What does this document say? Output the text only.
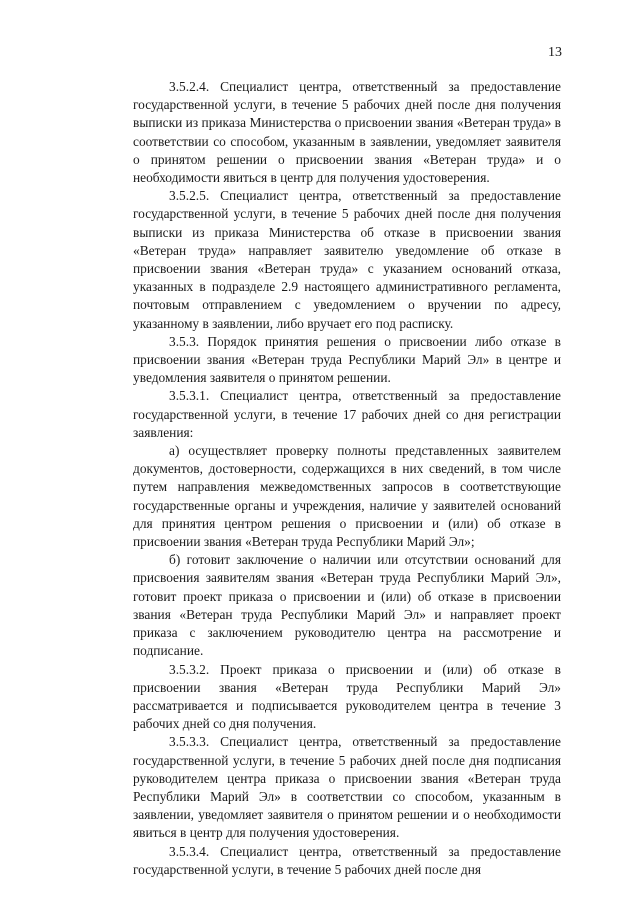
13

3.5.2.4. Специалист центра, ответственный за предоставление государственной услуги, в течение 5 рабочих дней после дня получения выписки из приказа Министерства о присвоении звания «Ветеран труда» в соответствии со способом, указанным в заявлении, уведомляет заявителя о принятом решении о присвоении звания «Ветеран труда» и о необходимости явиться в центр для получения удостоверения.

3.5.2.5. Специалист центра, ответственный за предоставление государственной услуги, в течение 5 рабочих дней после дня получения выписки из приказа Министерства об отказе в присвоении звания «Ветеран труда» направляет заявителю уведомление об отказе в присвоении звания «Ветеран труда» с указанием оснований отказа, указанных в подразделе 2.9 настоящего административного регламента, почтовым отправлением с уведомлением о вручении по адресу, указанному в заявлении, либо вручает его под расписку.

3.5.3. Порядок принятия решения о присвоении либо отказе в присвоении звания «Ветеран труда Республики Марий Эл» в центре и уведомления заявителя о принятом решении.

3.5.3.1. Специалист центра, ответственный за предоставление государственной услуги, в течение 17 рабочих дней со дня регистрации заявления:

а) осуществляет проверку полноты представленных заявителем документов, достоверности, содержащихся в них сведений, в том числе путем направления межведомственных запросов в соответствующие государственные органы и учреждения, наличие у заявителей оснований для принятия центром решения о присвоении и (или) об отказе в присвоении звания «Ветеран труда Республики Марий Эл»;

б) готовит заключение о наличии или отсутствии оснований для присвоения заявителям звания «Ветеран труда Республики Марий Эл», готовит проект приказа о присвоении и (или) об отказе в присвоении звания «Ветеран труда Республики Марий Эл» и направляет проект приказа с заключением руководителю центра на рассмотрение и подписание.

3.5.3.2. Проект приказа о присвоении и (или) об отказе в присвоении звания «Ветеран труда Республики Марий Эл» рассматривается и подписывается руководителем центра в течение 3 рабочих дней со дня получения.

3.5.3.3. Специалист центра, ответственный за предоставление государственной услуги, в течение 5 рабочих дней после дня подписания руководителем центра приказа о присвоении звания «Ветеран труда Республики Марий Эл» в соответствии со способом, указанным в заявлении, уведомляет заявителя о принятом решении и о необходимости явиться в центр для получения удостоверения.

3.5.3.4. Специалист центра, ответственный за предоставление государственной услуги, в течение 5 рабочих дней после дня
